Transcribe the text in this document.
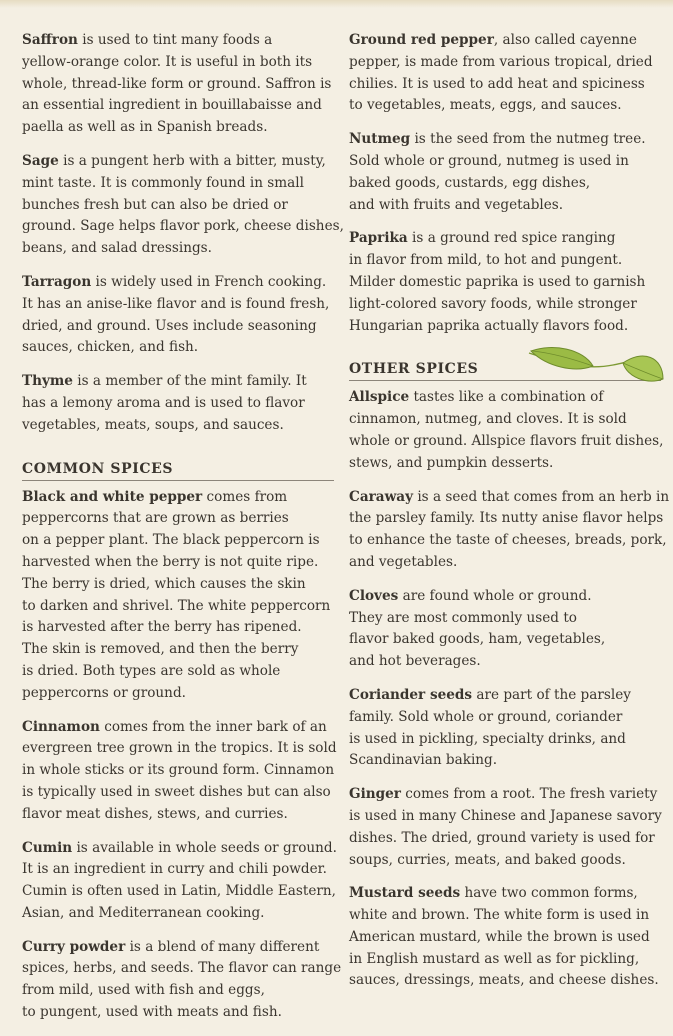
Saffron is used to tint many foods a
yellow-orange color. It is useful in both its
whole, thread-like form or ground. Saffron is
an essential ingredient in bouillabaisse and
paella as well as in Spanish breads.

Sage is a pungent herb with a bitter, musty,
mint taste. It is commonly found in small
bunches fresh but can also be dried or
ground. Sage helps flavor pork, cheese dishes,
beans, and salad dressings.

Tarragon is widely used in French cooking.
It has an anise-like flavor and is found fresh,
dried, and ground. Uses include seasoning
sauces, chicken, and fish.

Thyme is a member of the mint family. It
has a lemony aroma and is used to flavor
vegetables, meats, soups, and sauces.

COMMON SPICES

Black and white pepper comes from
peppercorns that are grown as berries
on a pepper plant. The black peppercorn is
harvested when the berry is not quite ripe.
The berry is dried, which causes the skin
to darken and shrivel. The white peppercorn
is harvested after the berry has ripened.
The skin is removed, and then the berry
is dried. Both types are sold as whole
peppercorns or ground.

Cinnamon comes from the inner bark of an
evergreen tree grown in the tropics. It is sold
in whole sticks or its ground form. Cinnamon
is typically used in sweet dishes but can also
flavor meat dishes, stews, and curries.

Cumin is available in whole seeds or ground.
It is an ingredient in curry and chili powder.
Cumin is often used in Latin, Middle Eastern,
Asian, and Mediterranean cooking.

Curry powder is a blend of many different
spices, herbs, and seeds. The flavor can range
from mild, used with fish and eggs,
to pungent, used with meats and fish.

Ground red pepper, also called cayenne
pepper, is made from various tropical, dried
chilies. It is used to add heat and spiciness
to vegetables, meats, eggs, and sauces.

Nutmeg is the seed from the nutmeg tree.
Sold whole or ground, nutmeg is used in
baked goods, custards, egg dishes,
and with fruits and vegetables.

Paprika is a ground red spice ranging
in flavor from mild, to hot and pungent.
Milder domestic paprika is used to garnish
light-colored savory foods, while stronger
Hungarian paprika actually flavors food.

OTHER SPICES

Allspice tastes like a combination of
cinnamon, nutmeg, and cloves. It is sold
whole or ground. Allspice flavors fruit dishes,
stews, and pumpkin desserts.

Caraway is a seed that comes from an herb in
the parsley family. Its nutty anise flavor helps
to enhance the taste of cheeses, breads, pork,
and vegetables.

Cloves are found whole or ground.
They are most commonly used to
flavor baked goods, ham, vegetables,
and hot beverages.

Coriander seeds are part of the parsley
family. Sold whole or ground, coriander
is used in pickling, specialty drinks, and
Scandinavian baking.

Ginger comes from a root. The fresh variety
is used in many Chinese and Japanese savory
dishes. The dried, ground variety is used for
soups, curries, meats, and baked goods.

Mustard seeds have two common forms,
white and brown. The white form is used in
American mustard, while the brown is used
in English mustard as well as for pickling,
sauces, dressings, meats, and cheese dishes.
